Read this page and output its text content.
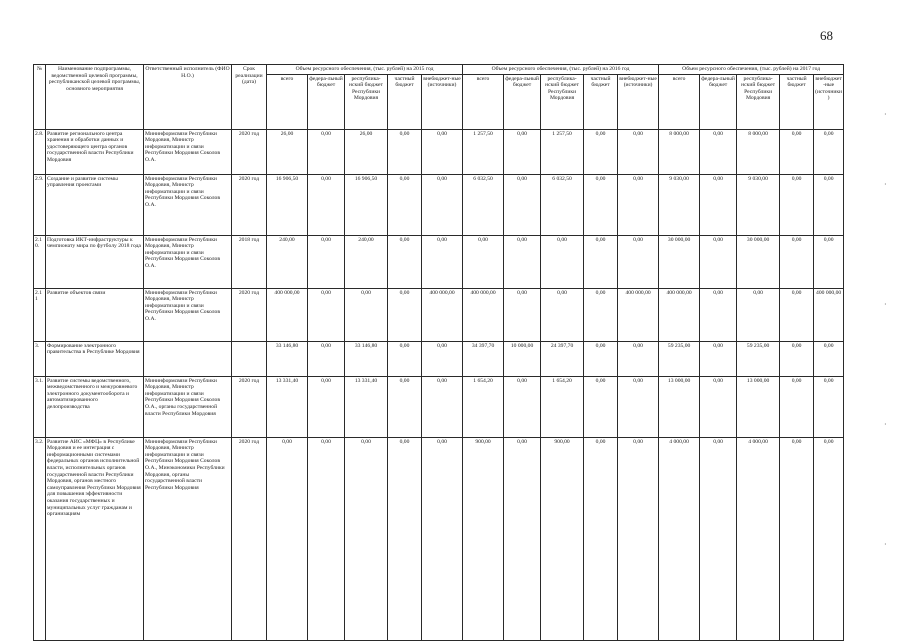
68
·
·
·
·
·
№	Наименование подпрограммы, ведомственной целевой программы, республиканской целевой программы, основного мероприятия	Ответственный исполнитель (ФИО Н.О.)	Срок реализации (дата)	Объем ресурсного обеспечения, (тыс. рублей) на 2015 год					Объем ресурсного обеспечения, (тыс. рублей) на 2016 год					Объем ресурсного обеспечения, (тыс. рублей) на 2017 год				
				всего	федера-льный бюджет	республика-нский бюджет Республики Мордовия	частный бюджет	внебюджет-ные (источники)	всего	федера-льный бюджет	республика-нский бюджет Республики Мордовия	частный бюджет	внебюджет-ные (источники)	всего	федера-льный бюджет	республика-нский бюджет Республики Мордовия	частный бюджет	внебюджет-ные (источники)
2.8.	Развитие регионального центра хранения и обработки данных и удостоверяющего центра органов государственной власти Республики Мордовия	Мининформсвязи Республики Мордовия, Министр информатизации и связи Республики Мордовия Соколов О.А.	2020 год	26,00	0,00	26,00	0,00	0,00	1 257,50	0,00	1 257,50	0,00	0,00	8 000,00	0,00	8 000,00	0,00	0,00
2.9.	Создание и развитие системы управления проектами	Мининформсвязи Республики Мордовия, Министр информатизации и связи Республики Мордовия Соколов О.А.	2020 год	16 906,50	0,00	16 906,50	0,00	0,00	6 032,50	0,00	6 032,50	0,00	0,00	9 030,00	0,00	9 030,00	0,00	0,00
2.10.	Подготовка ИКТ-инфраструктуры к чемпионату мира по футболу 2018 года	Мининформсвязи Республики Мордовия, Министр информатизации и связи Республики Мордовия Соколов О.А.	2018 год	240,00	0,00	240,00	0,00	0,00	0,00	0,00	0,00	0,00	0,00	30 000,00	0,00	30 000,00	0,00	0,00
2.11	Развитие объектов связи	Мининформсвязи Республики Мордовия, Министр информатизации и связи Республики Мордовия Соколов О.А.	2020 год	400 000,00	0,00	0,00	0,00	400 000,00	400 000,00	0,00	0,00	0,00	400 000,00	400 000,00	0,00	0,00	0,00	400 000,00
3.	Формирование электронного правительства в Республике Мордовия			33 146,80	0,00	33 146,80	0,00	0,00	34 397,70	10 000,00	24 397,70	0,00	0,00	59 235,00	0,00	59 235,00	0,00	0,00
3.1.	Развитие системы ведомственного, межведомственного и межуровневого электронного документооборота и автоматизированного делопроизводства	Мининформсвязи Республики Мордовия, Министр информатизации и связи Республики Мордовия Соколов О.А., органы государственной власти Республики Мордовия	2020 год	13 331,40	0,00	13 331,40	0,00	0,00	1 654,20	0,00	1 654,20	0,00	0,00	13 000,00	0,00	13 000,00	0,00	0,00
3.2.	Развитие АИС «МФЦ» в Республике Мордовия и ее интеграция с информационными системами федеральных органов исполнительной власти, исполнительных органов государственной власти Республики Мордовия, органов местного самоуправления Республики Мордовия для повышения эффективности оказания государственных и муниципальных услуг гражданам и организациям	Мининформсвязи Республики Мордовия, Министр информатизации и связи Республики Мордовия Соколов О.А., Минэкономики Республики Мордовия, органы государственной власти Республики Мордовия	2020 год	0,00	0,00	0,00	0,00	0,00	900,00	0,00	900,00	0,00	0,00	4 000,00	0,00	4 000,00	0,00	0,00
